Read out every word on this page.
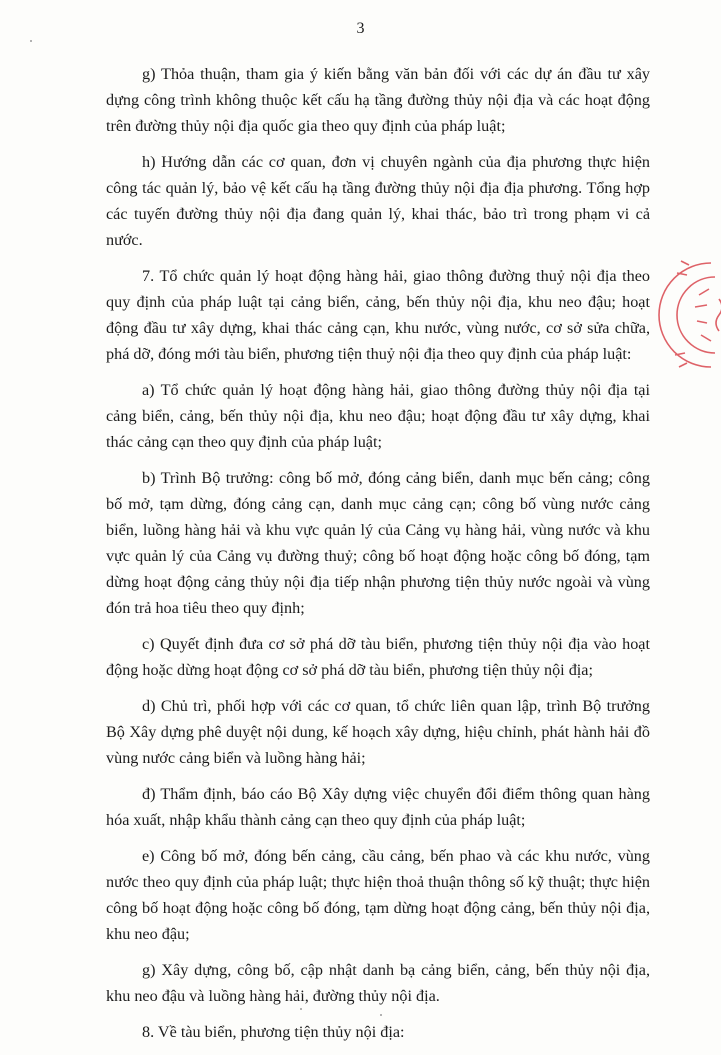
3

g) Thỏa thuận, tham gia ý kiến bằng văn bản đối với các dự án đầu tư xây dựng công trình không thuộc kết cấu hạ tầng đường thủy nội địa và các hoạt động trên đường thủy nội địa quốc gia theo quy định của pháp luật;

h) Hướng dẫn các cơ quan, đơn vị chuyên ngành của địa phương thực hiện công tác quản lý, bảo vệ kết cấu hạ tầng đường thủy nội địa địa phương. Tổng hợp các tuyến đường thủy nội địa đang quản lý, khai thác, bảo trì trong phạm vi cả nước.

7. Tổ chức quản lý hoạt động hàng hải, giao thông đường thuỷ nội địa theo quy định của pháp luật tại cảng biển, cảng, bến thủy nội địa, khu neo đậu; hoạt động đầu tư xây dựng, khai thác cảng cạn, khu nước, vùng nước, cơ sở sửa chữa, phá dỡ, đóng mới tàu biển, phương tiện thuỷ nội địa theo quy định của pháp luật:

a) Tổ chức quản lý hoạt động hàng hải, giao thông đường thủy nội địa tại cảng biển, cảng, bến thủy nội địa, khu neo đậu; hoạt động đầu tư xây dựng, khai thác cảng cạn theo quy định của pháp luật;

b) Trình Bộ trưởng: công bố mở, đóng cảng biển, danh mục bến cảng; công bố mở, tạm dừng, đóng cảng cạn, danh mục cảng cạn; công bố vùng nước cảng biển, luồng hàng hải và khu vực quản lý của Cảng vụ hàng hải, vùng nước và khu vực quản lý của Cảng vụ đường thuỷ; công bố hoạt động hoặc công bố đóng, tạm dừng hoạt động cảng thủy nội địa tiếp nhận phương tiện thủy nước ngoài và vùng đón trả hoa tiêu theo quy định;

c) Quyết định đưa cơ sở phá dỡ tàu biển, phương tiện thủy nội địa vào hoạt động hoặc dừng hoạt động cơ sở phá dỡ tàu biển, phương tiện thủy nội địa;

d) Chủ trì, phối hợp với các cơ quan, tổ chức liên quan lập, trình Bộ trưởng Bộ Xây dựng phê duyệt nội dung, kế hoạch xây dựng, hiệu chỉnh, phát hành hải đồ vùng nước cảng biển và luồng hàng hải;

đ) Thẩm định, báo cáo Bộ Xây dựng việc chuyển đổi điểm thông quan hàng hóa xuất, nhập khẩu thành cảng cạn theo quy định của pháp luật;

e) Công bố mở, đóng bến cảng, cầu cảng, bến phao và các khu nước, vùng nước theo quy định của pháp luật; thực hiện thoả thuận thông số kỹ thuật; thực hiện công bố hoạt động hoặc công bố đóng, tạm dừng hoạt động cảng, bến thủy nội địa, khu neo đậu;

g) Xây dựng, công bố, cập nhật danh bạ cảng biển, cảng, bến thủy nội địa, khu neo đậu và luồng hàng hải, đường thủy nội địa.

8. Về tàu biển, phương tiện thủy nội địa:
